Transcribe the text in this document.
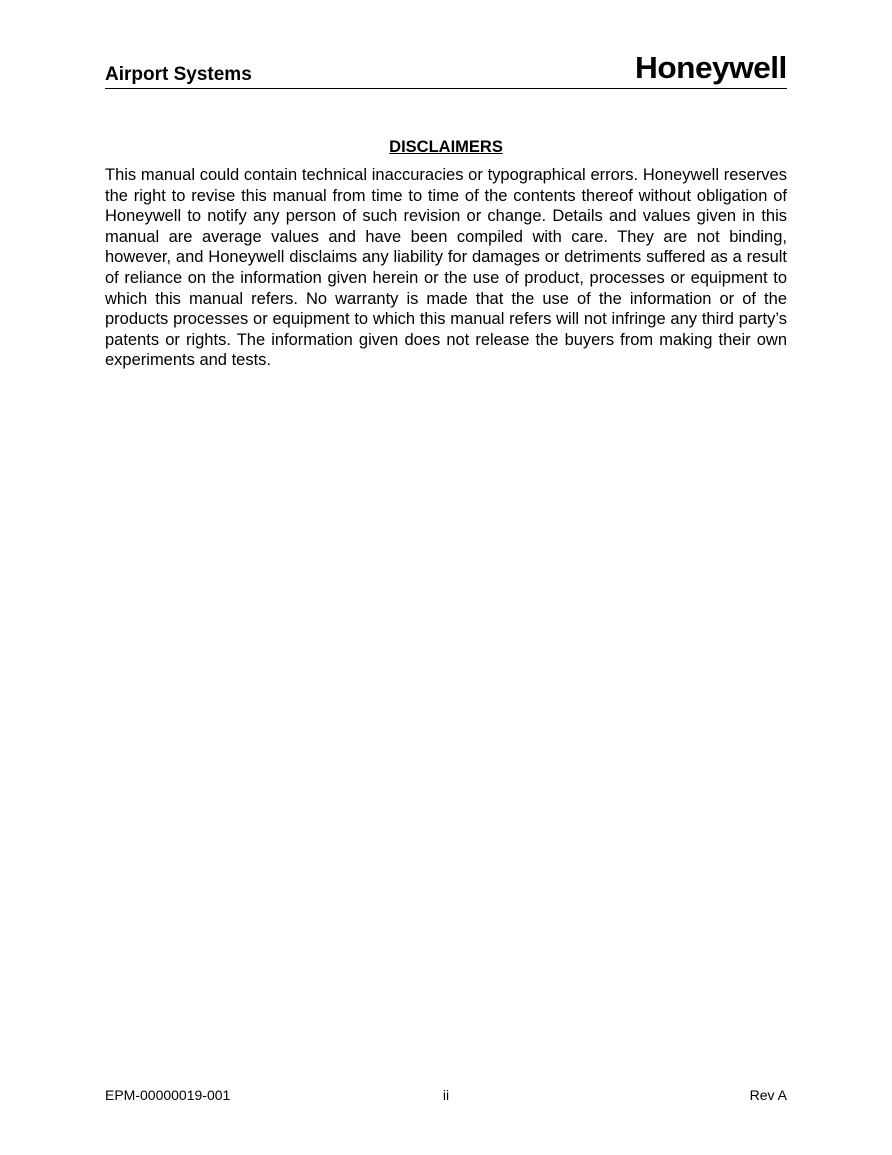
Airport Systems	Honeywell
DISCLAIMERS

This manual could contain technical inaccuracies or typographical errors. Honeywell reserves the right to revise this manual from time to time of the contents thereof without obligation of Honeywell to notify any person of such revision or change. Details and values given in this manual are average values and have been compiled with care. They are not binding, however, and Honeywell disclaims any liability for damages or detriments suffered as a result of reliance on the information given herein or the use of product, processes or equipment to which this manual refers. No warranty is made that the use of the information or of the products processes or equipment to which this manual refers will not infringe any third party’s patents or rights. The information given does not release the buyers from making their own experiments and tests.

EPM-00000019-001	ii	Rev A
